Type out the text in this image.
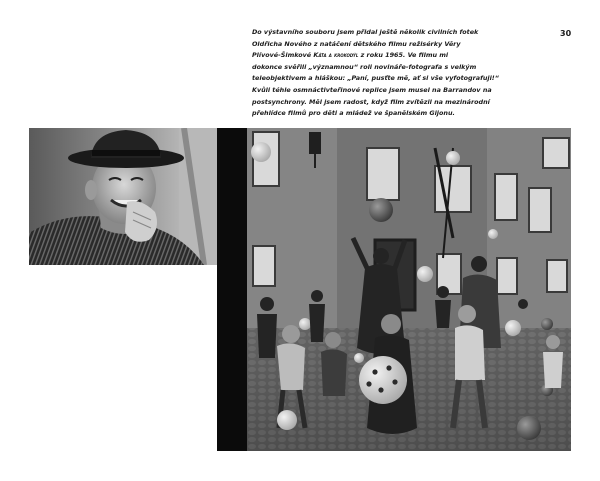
30
Do výstavního souboru jsem přidal ještě několik civilních fotek
Oldřicha Nového z natáčení dětského filmu režisérky Věry
Plívové-Šimkové Káťa a krokodýl z roku 1965. Ve filmu mi
dokonce svěřili „významnou“ roli novináře-fotografa s velkým
teleobjektivem a hláškou: „Paní, pusťte mě, ať si vše vyfotografuji!“
Kvůli téhle osmnáctivteřinové replice jsem musel na Barrandov na
postsynchrony. Měl jsem radost, když film zvítězil na mezinárodní
přehlídce filmů pro děti a mládež ve španělském Gijonu.
